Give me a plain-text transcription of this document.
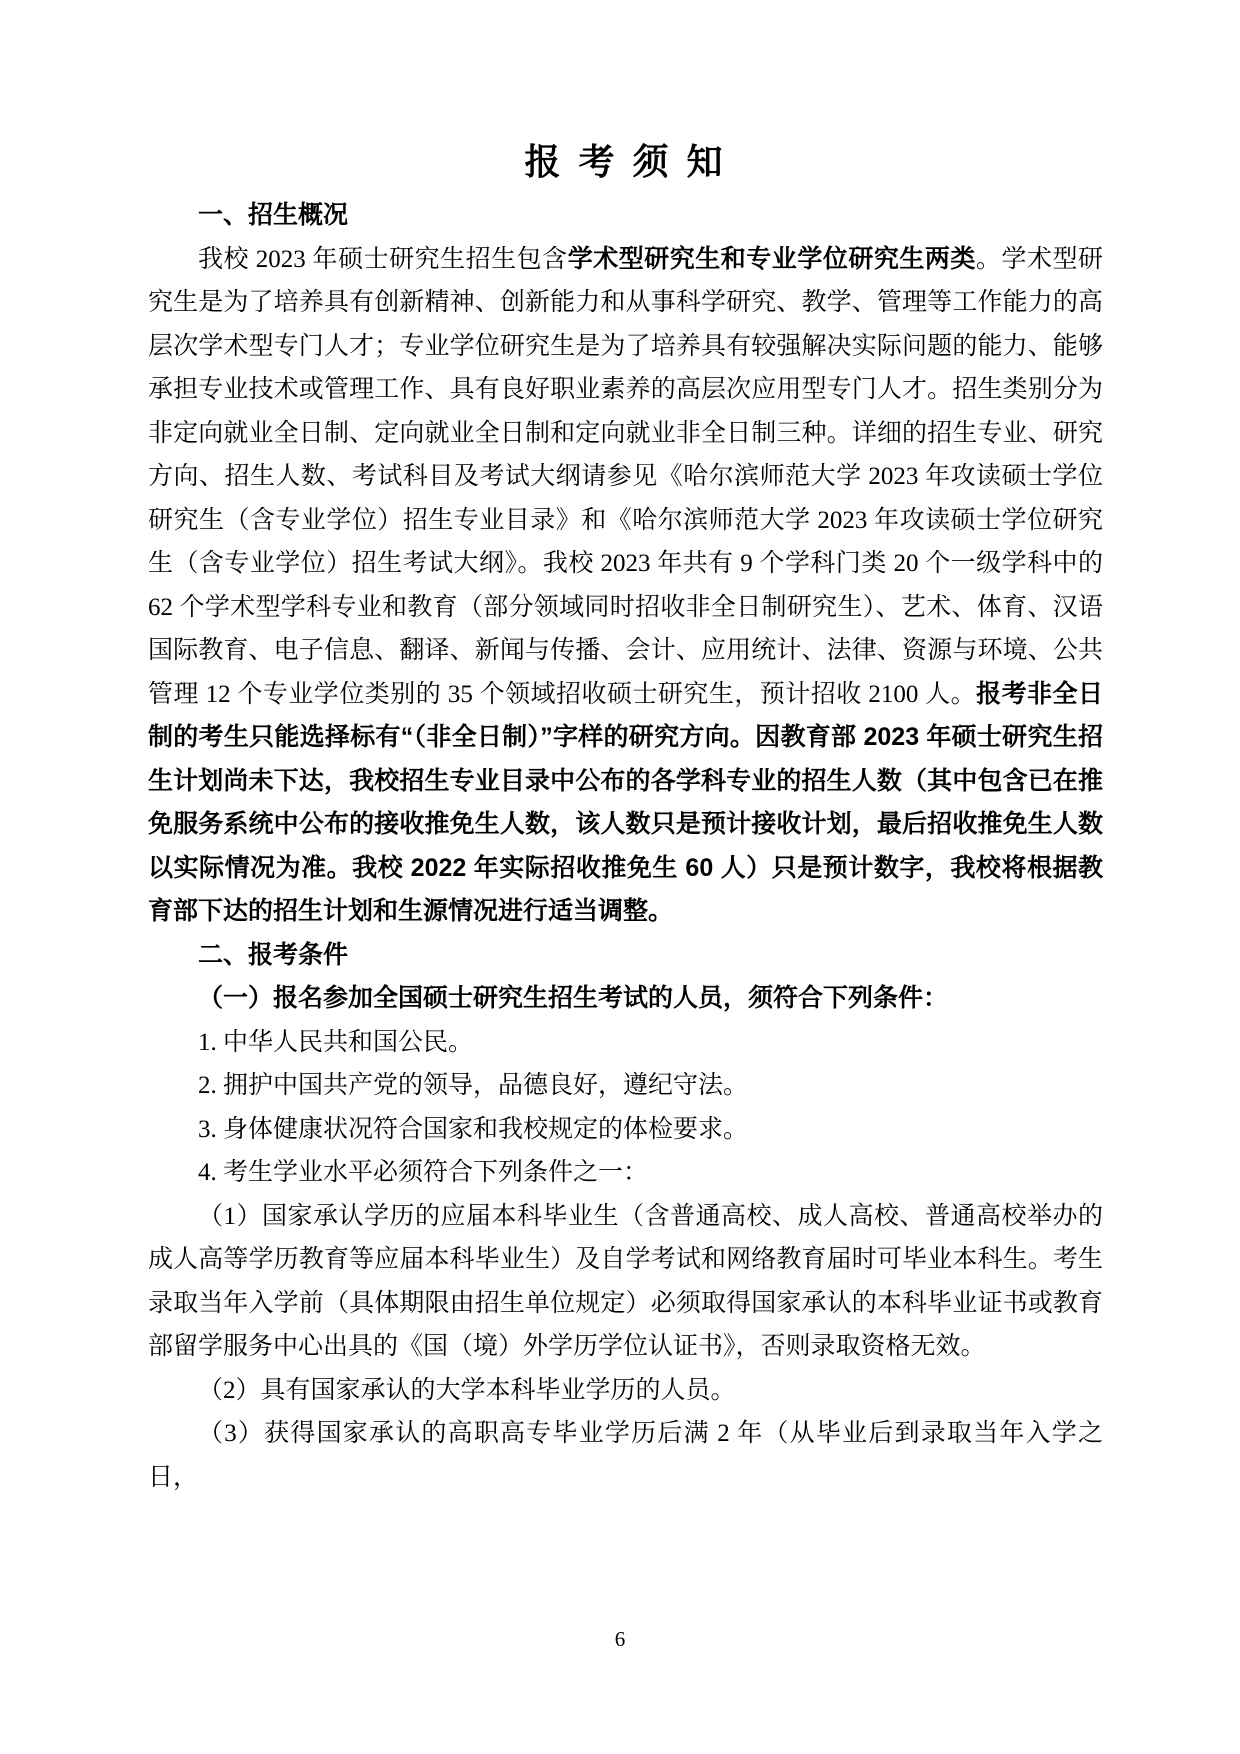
报 考 须 知

一、招生概况

我校 2023 年硕士研究生招生包含学术型研究生和专业学位研究生两类。学术型研究生是为了培养具有创新精神、创新能力和从事科学研究、教学、管理等工作能力的高层次学术型专门人才；专业学位研究生是为了培养具有较强解决实际问题的能力、能够承担专业技术或管理工作、具有良好职业素养的高层次应用型专门人才。招生类别分为非定向就业全日制、定向就业全日制和定向就业非全日制三种。详细的招生专业、研究方向、招生人数、考试科目及考试大纲请参见《哈尔滨师范大学 2023 年攻读硕士学位研究生（含专业学位）招生专业目录》和《哈尔滨师范大学 2023 年攻读硕士学位研究生（含专业学位）招生考试大纲》。我校 2023 年共有 9 个学科门类 20 个一级学科中的 62 个学术型学科专业和教育（部分领域同时招收非全日制研究生）、艺术、体育、汉语国际教育、电子信息、翻译、新闻与传播、会计、应用统计、法律、资源与环境、公共管理 12 个专业学位类别的 35 个领域招收硕士研究生，预计招收 2100 人。报考非全日制的考生只能选择标有“（非全日制）”字样的研究方向。因教育部 2023 年硕士研究生招生计划尚未下达，我校招生专业目录中公布的各学科专业的招生人数（其中包含已在推免服务系统中公布的接收推免生人数，该人数只是预计接收计划，最后招收推免生人数以实际情况为准。我校 2022 年实际招收推免生 60 人）只是预计数字，我校将根据教育部下达的招生计划和生源情况进行适当调整。

二、报考条件

（一）报名参加全国硕士研究生招生考试的人员，须符合下列条件：

1. 中华人民共和国公民。

2. 拥护中国共产党的领导，品德良好，遵纪守法。

3. 身体健康状况符合国家和我校规定的体检要求。

4. 考生学业水平必须符合下列条件之一：

（1）国家承认学历的应届本科毕业生（含普通高校、成人高校、普通高校举办的成人高等学历教育等应届本科毕业生）及自学考试和网络教育届时可毕业本科生。考生录取当年入学前（具体期限由招生单位规定）必须取得国家承认的本科毕业证书或教育部留学服务中心出具的《国（境）外学历学位认证书》，否则录取资格无效。

（2）具有国家承认的大学本科毕业学历的人员。

（3）获得国家承认的高职高专毕业学历后满 2 年（从毕业后到录取当年入学之日，

6
